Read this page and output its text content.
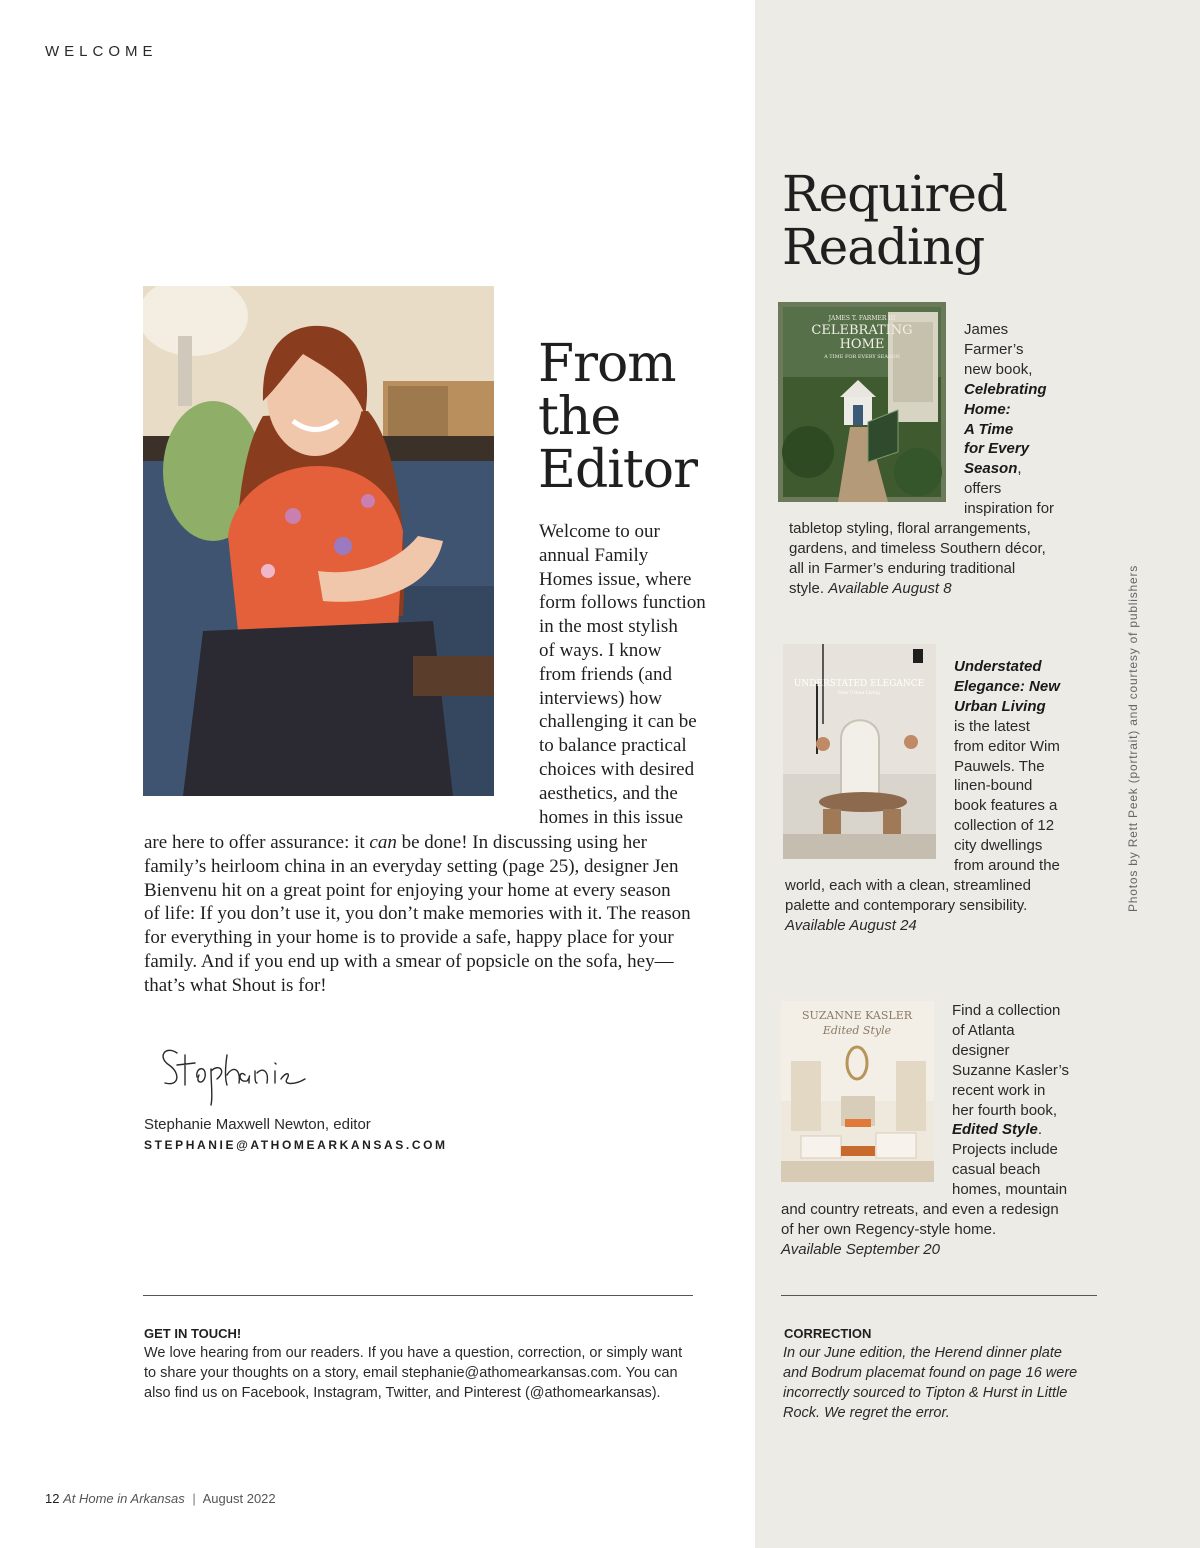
WELCOME
From
the
Editor
Welcome to our
annual Family
Homes issue, where
form follows function
in the most stylish
of ways. I know
from friends (and
interviews) how
challenging it can be
to balance practical
choices with desired
aesthetics, and the
homes in this issue
are here to offer assurance: it can be done! In discussing using her
family’s heirloom china in an everyday setting (page 25), designer Jen
Bienvenu hit on a great point for enjoying your home at every season
of life: If you don’t use it, you don’t make memories with it. The reason
for everything in your home is to provide a safe, happy place for your
family. And if you end up with a smear of popsicle on the sofa, hey—
that’s what Shout is for!
Stephanie Maxwell Newton, editor
STEPHANIE@ATHOMEARKANSAS.COM
GET IN TOUCH!
We love hearing from our readers. If you have a question, correction, or simply want
to share your thoughts on a story, email stephanie@athomearkansas.com. You can
also find us on Facebook, Instagram, Twitter, and Pinterest (@athomearkansas).
12 At Home in Arkansas | August 2022
Required
Reading
JAMES T. FARMER III
CELEBRATING
HOME
A TIME FOR EVERY SEASON
James
Farmer’s
new book,
Celebrating
Home:
A Time
for Every
Season,
offers
inspiration for
tabletop styling, floral arrangements,
gardens, and timeless Southern décor,
all in Farmer’s enduring traditional
style. Available August 8
UNDERSTATED ELEGANCE
New Urban Living
Understated
Elegance: New
Urban Living
is the latest
from editor Wim
Pauwels. The
linen-bound
book features a
collection of 12
city dwellings
from around the
world, each with a clean, streamlined
palette and contemporary sensibility.
Available August 24
SUZANNE KASLER
Edited Style
Find a collection
of Atlanta
designer
Suzanne Kasler’s
recent work in
her fourth book,
Edited Style.
Projects include
casual beach
homes, mountain
and country retreats, and even a redesign
of her own Regency-style home.
Available September 20
Photos by Rett Peek (portrait) and courtesy of publishers
CORRECTION
In our June edition, the Herend dinner plate
and Bodrum placemat found on page 16 were
incorrectly sourced to Tipton & Hurst in Little
Rock. We regret the error.
